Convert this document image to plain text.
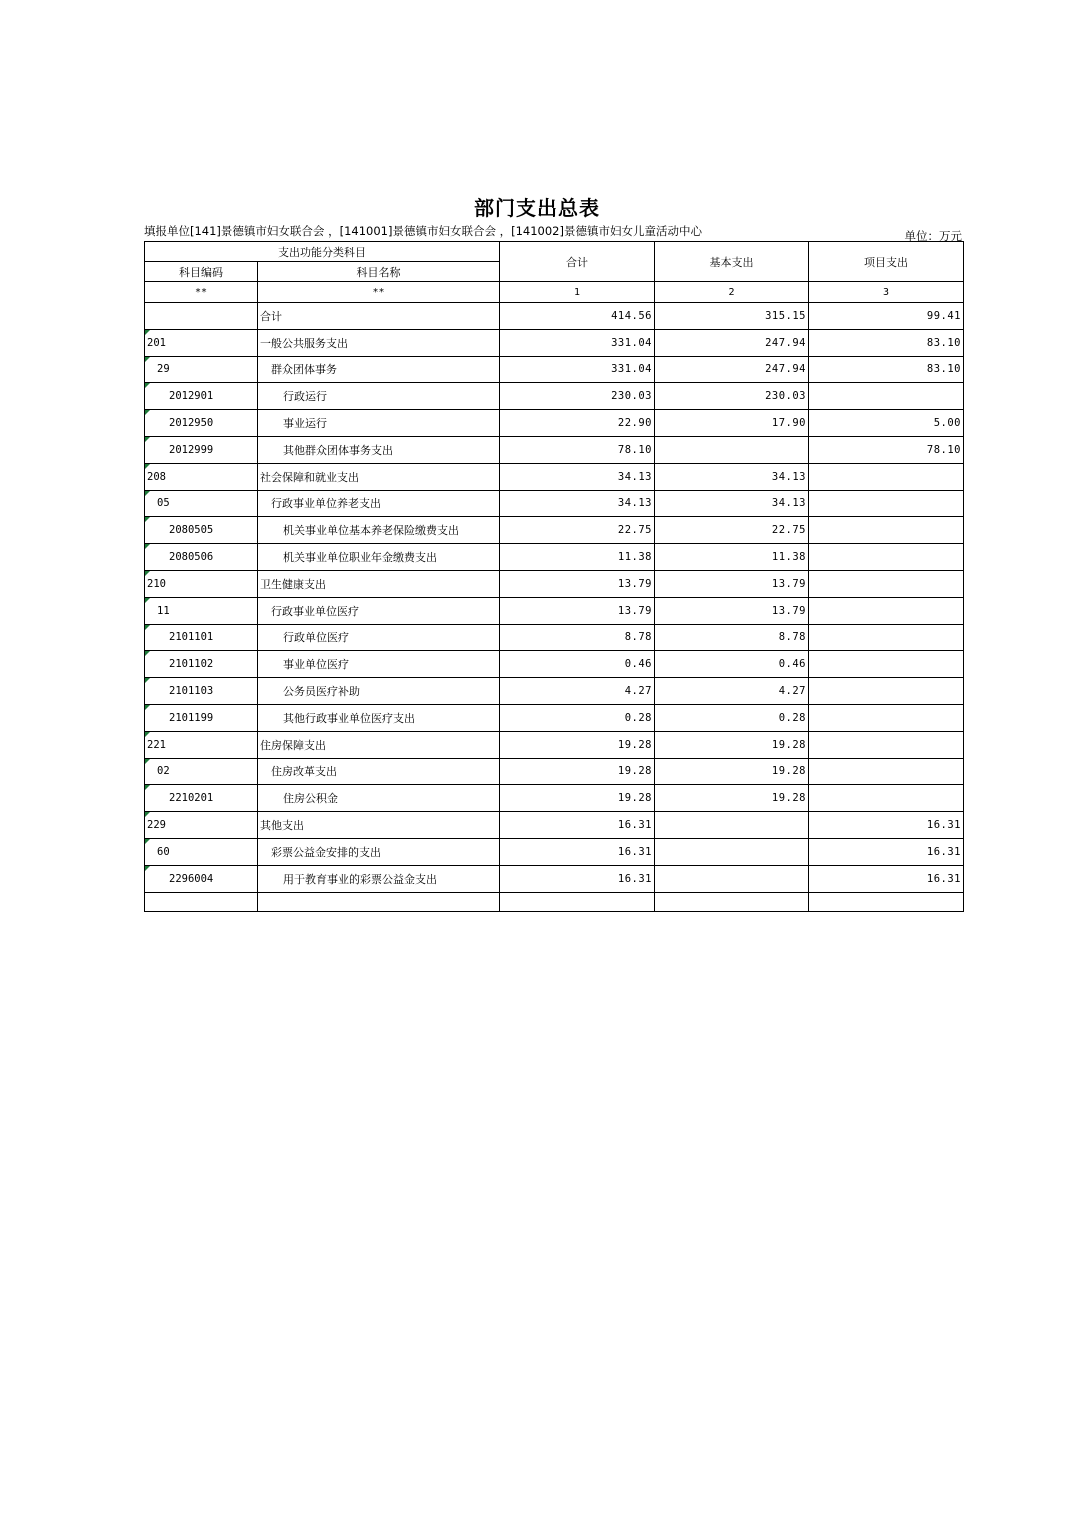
部门支出总表
填报单位[141]景德镇市妇女联合会 ，[141001]景德镇市妇女联合会 ，[141002]景德镇市妇女儿童活动中心	单位：万元
支出功能分类科目		合计	基本支出	项目支出
科目编码	科目名称			
**	**	1	2	3
	合计	414.56	315.15	99.41
201	一般公共服务支出	331.04	247.94	83.10
29	群众团体事务	331.04	247.94	83.10
2012901	行政运行	230.03	230.03	
2012950	事业运行	22.90	17.90	5.00
2012999	其他群众团体事务支出	78.10		78.10
208	社会保障和就业支出	34.13	34.13	
05	行政事业单位养老支出	34.13	34.13	
2080505	机关事业单位基本养老保险缴费支出	22.75	22.75	
2080506	机关事业单位职业年金缴费支出	11.38	11.38	
210	卫生健康支出	13.79	13.79	
11	行政事业单位医疗	13.79	13.79	
2101101	行政单位医疗	8.78	8.78	
2101102	事业单位医疗	0.46	0.46	
2101103	公务员医疗补助	4.27	4.27	
2101199	其他行政事业单位医疗支出	0.28	0.28	
221	住房保障支出	19.28	19.28	
02	住房改革支出	19.28	19.28	
2210201	住房公积金	19.28	19.28	
229	其他支出	16.31		16.31
60	彩票公益金安排的支出	16.31		16.31
2296004	用于教育事业的彩票公益金支出	16.31		16.31
